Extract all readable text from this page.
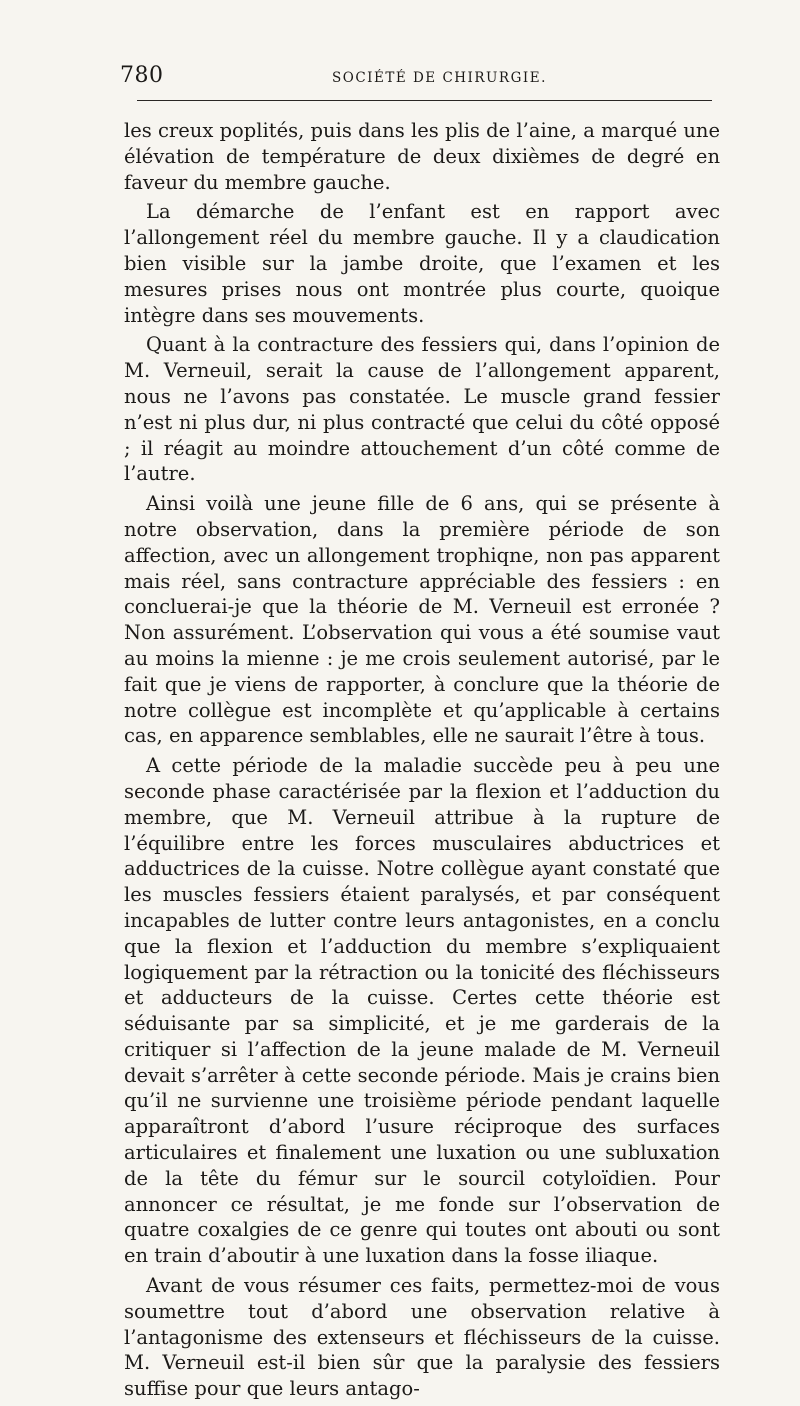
780	SOCIÉTÉ DE CHIRURGIE.

les creux poplités, puis dans les plis de l’aine, a marqué une élévation de température de deux dixièmes de degré en faveur du membre gauche.

La démarche de l’enfant est en rapport avec l’allongement réel du membre gauche. Il y a claudication bien visible sur la jambe droite, que l’examen et les mesures prises nous ont montrée plus courte, quoique intègre dans ses mouvements.

Quant à la contracture des fessiers qui, dans l’opinion de M. Verneuil, serait la cause de l’allongement apparent, nous ne l’avons pas constatée. Le muscle grand fessier n’est ni plus dur, ni plus contracté que celui du côté opposé ; il réagit au moindre attouchement d’un côté comme de l’autre.

Ainsi voilà une jeune fille de 6 ans, qui se présente à notre observation, dans la première période de son affection, avec un allongement trophiqne, non pas apparent mais réel, sans contracture appréciable des fessiers : en concluerai-je que la théorie de M. Verneuil est erronée ? Non assurément. L’observation qui vous a été soumise vaut au moins la mienne : je me crois seulement autorisé, par le fait que je viens de rapporter, à conclure que la théorie de notre collègue est incomplète et qu’applicable à certains cas, en apparence semblables, elle ne saurait l’être à tous.

A cette période de la maladie succède peu à peu une seconde phase caractérisée par la flexion et l’adduction du membre, que M. Verneuil attribue à la rupture de l’équilibre entre les forces musculaires abductrices et adductrices de la cuisse. Notre collègue ayant constaté que les muscles fessiers étaient paralysés, et par conséquent incapables de lutter contre leurs antagonistes, en a conclu que la flexion et l’adduction du membre s’expliquaient logiquement par la rétraction ou la tonicité des fléchisseurs et adducteurs de la cuisse. Certes cette théorie est séduisante par sa simplicité, et je me garderais de la critiquer si l’affection de la jeune malade de M. Verneuil devait s’arrêter à cette seconde période. Mais je crains bien qu’il ne survienne une troisième période pendant laquelle apparaîtront d’abord l’usure réciproque des surfaces articulaires et finalement une luxation ou une subluxation de la tête du fémur sur le sourcil cotyloïdien. Pour annoncer ce résultat, je me fonde sur l’observation de quatre coxalgies de ce genre qui toutes ont abouti ou sont en train d’aboutir à une luxation dans la fosse iliaque.

Avant de vous résumer ces faits, permettez-moi de vous soumettre tout d’abord une observation relative à l’antagonisme des extenseurs et fléchisseurs de la cuisse. M. Verneuil est-il bien sûr que la paralysie des fessiers suffise pour que leurs antago-
